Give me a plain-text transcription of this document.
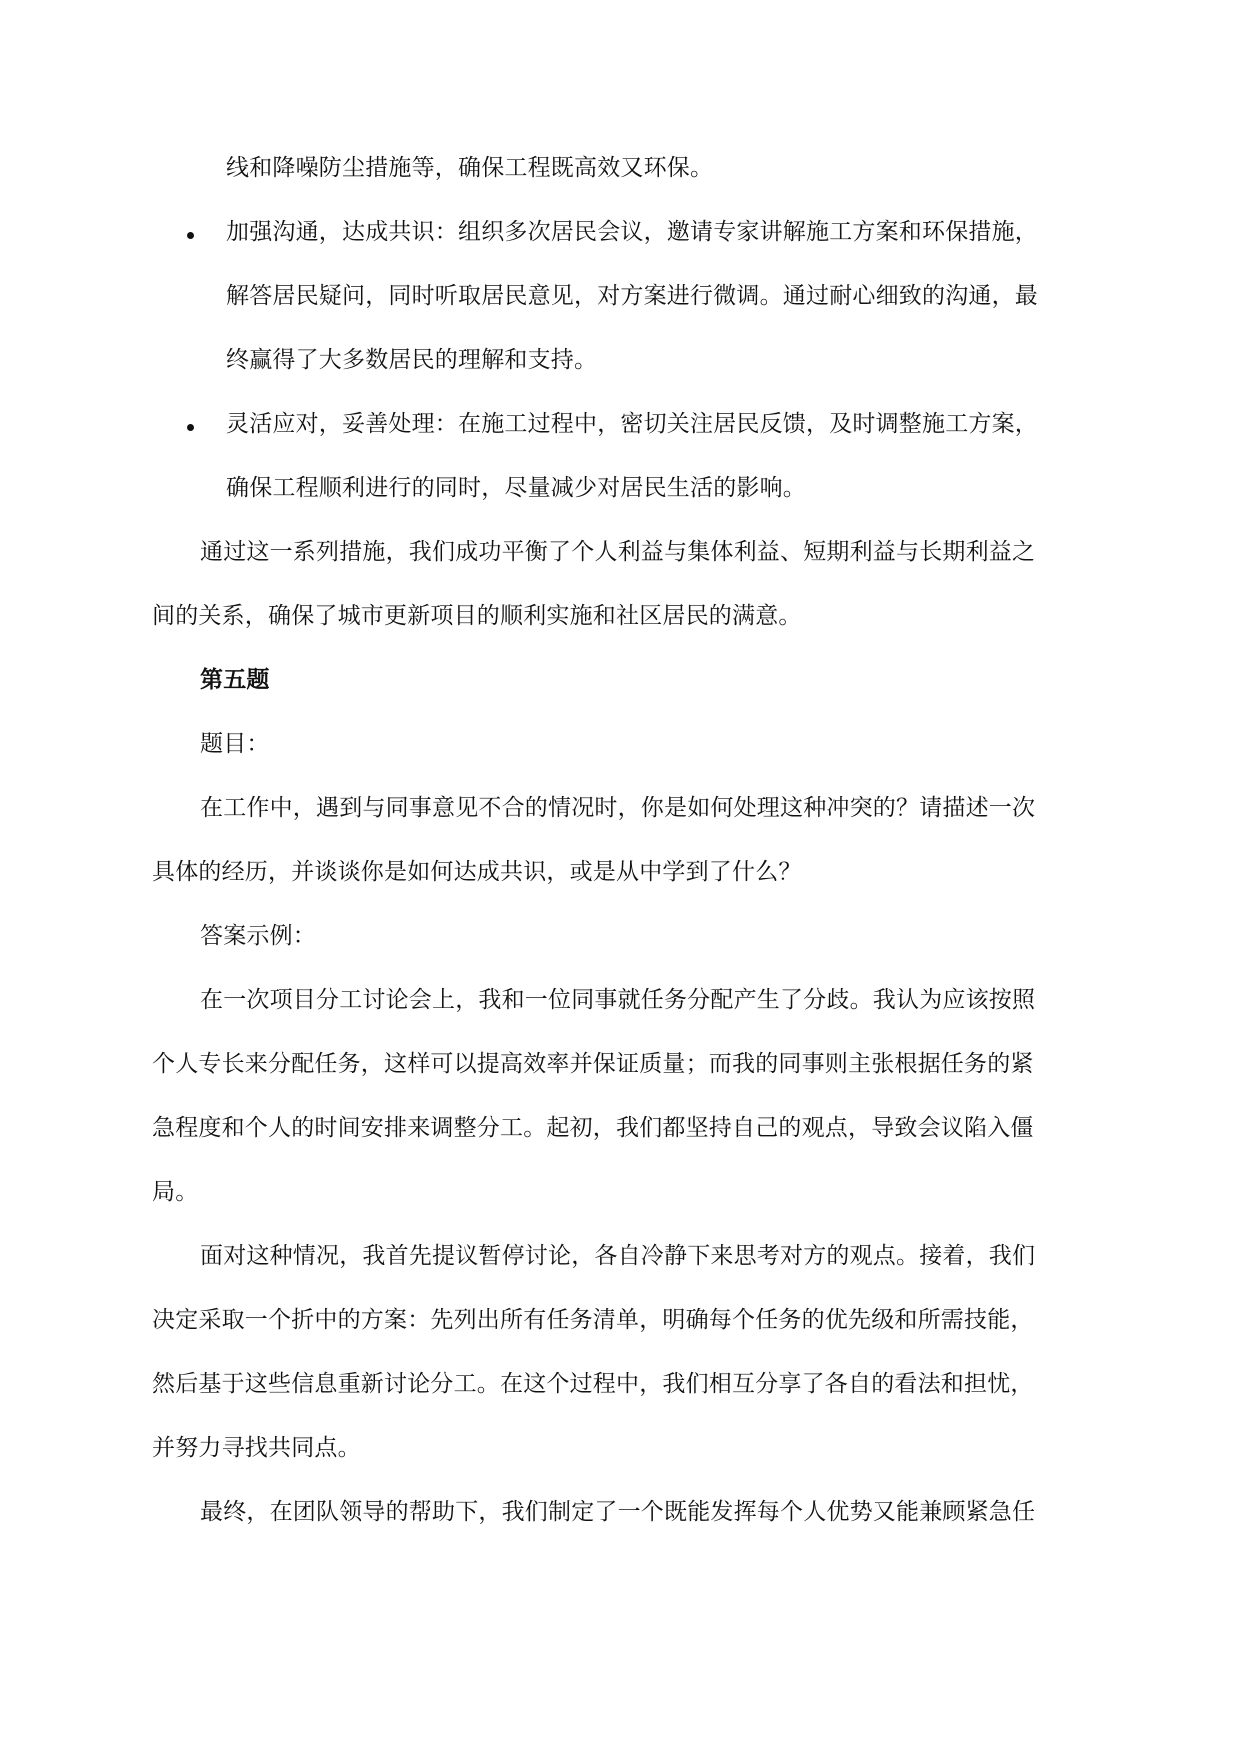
线和降噪防尘措施等，确保工程既高效又环保。
加强沟通，达成共识：组织多次居民会议，邀请专家讲解施工方案和环保措施，
解答居民疑问，同时听取居民意见，对方案进行微调。通过耐心细致的沟通，最
终赢得了大多数居民的理解和支持。
灵活应对，妥善处理：在施工过程中，密切关注居民反馈，及时调整施工方案，
确保工程顺利进行的同时，尽量减少对居民生活的影响。
通过这一系列措施，我们成功平衡了个人利益与集体利益、短期利益与长期利益之
间的关系，确保了城市更新项目的顺利实施和社区居民的满意。
第五题
题目：
在工作中，遇到与同事意见不合的情况时，你是如何处理这种冲突的？请描述一次
具体的经历，并谈谈你是如何达成共识，或是从中学到了什么？
答案示例：
在一次项目分工讨论会上，我和一位同事就任务分配产生了分歧。我认为应该按照
个人专长来分配任务，这样可以提高效率并保证质量；而我的同事则主张根据任务的紧
急程度和个人的时间安排来调整分工。起初，我们都坚持自己的观点，导致会议陷入僵
局。
面对这种情况，我首先提议暂停讨论，各自冷静下来思考对方的观点。接着，我们
决定采取一个折中的方案：先列出所有任务清单，明确每个任务的优先级和所需技能，
然后基于这些信息重新讨论分工。在这个过程中，我们相互分享了各自的看法和担忧，
并努力寻找共同点。
最终，在团队领导的帮助下，我们制定了一个既能发挥每个人优势又能兼顾紧急任
